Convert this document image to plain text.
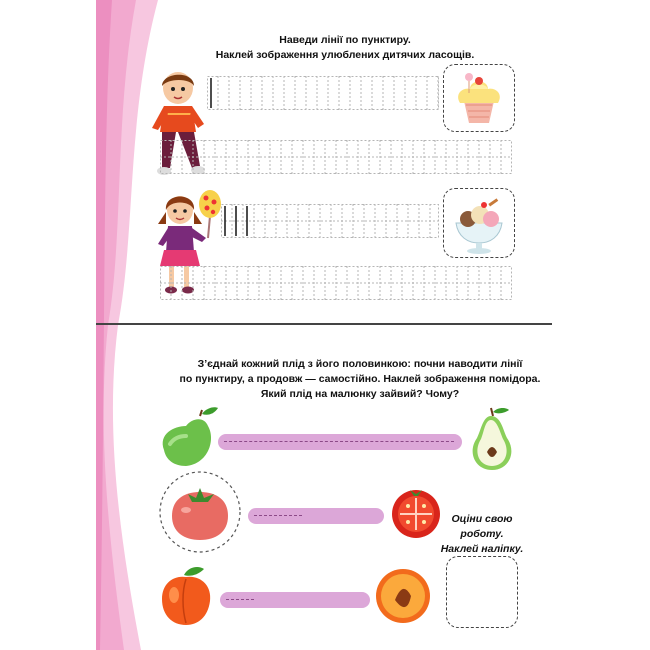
Наведи лінії по пунктиру.
Наклей зображення улюблених дитячих ласощів.
З’єднай кожний плід з його половинкою: почни наводити лінії
по пунктиру, а продовж — самостійно. Наклей зображення помідора.
Який плід на малюнку зайвий? Чому?
Оціни свою
роботу.
Наклей наліпку.
